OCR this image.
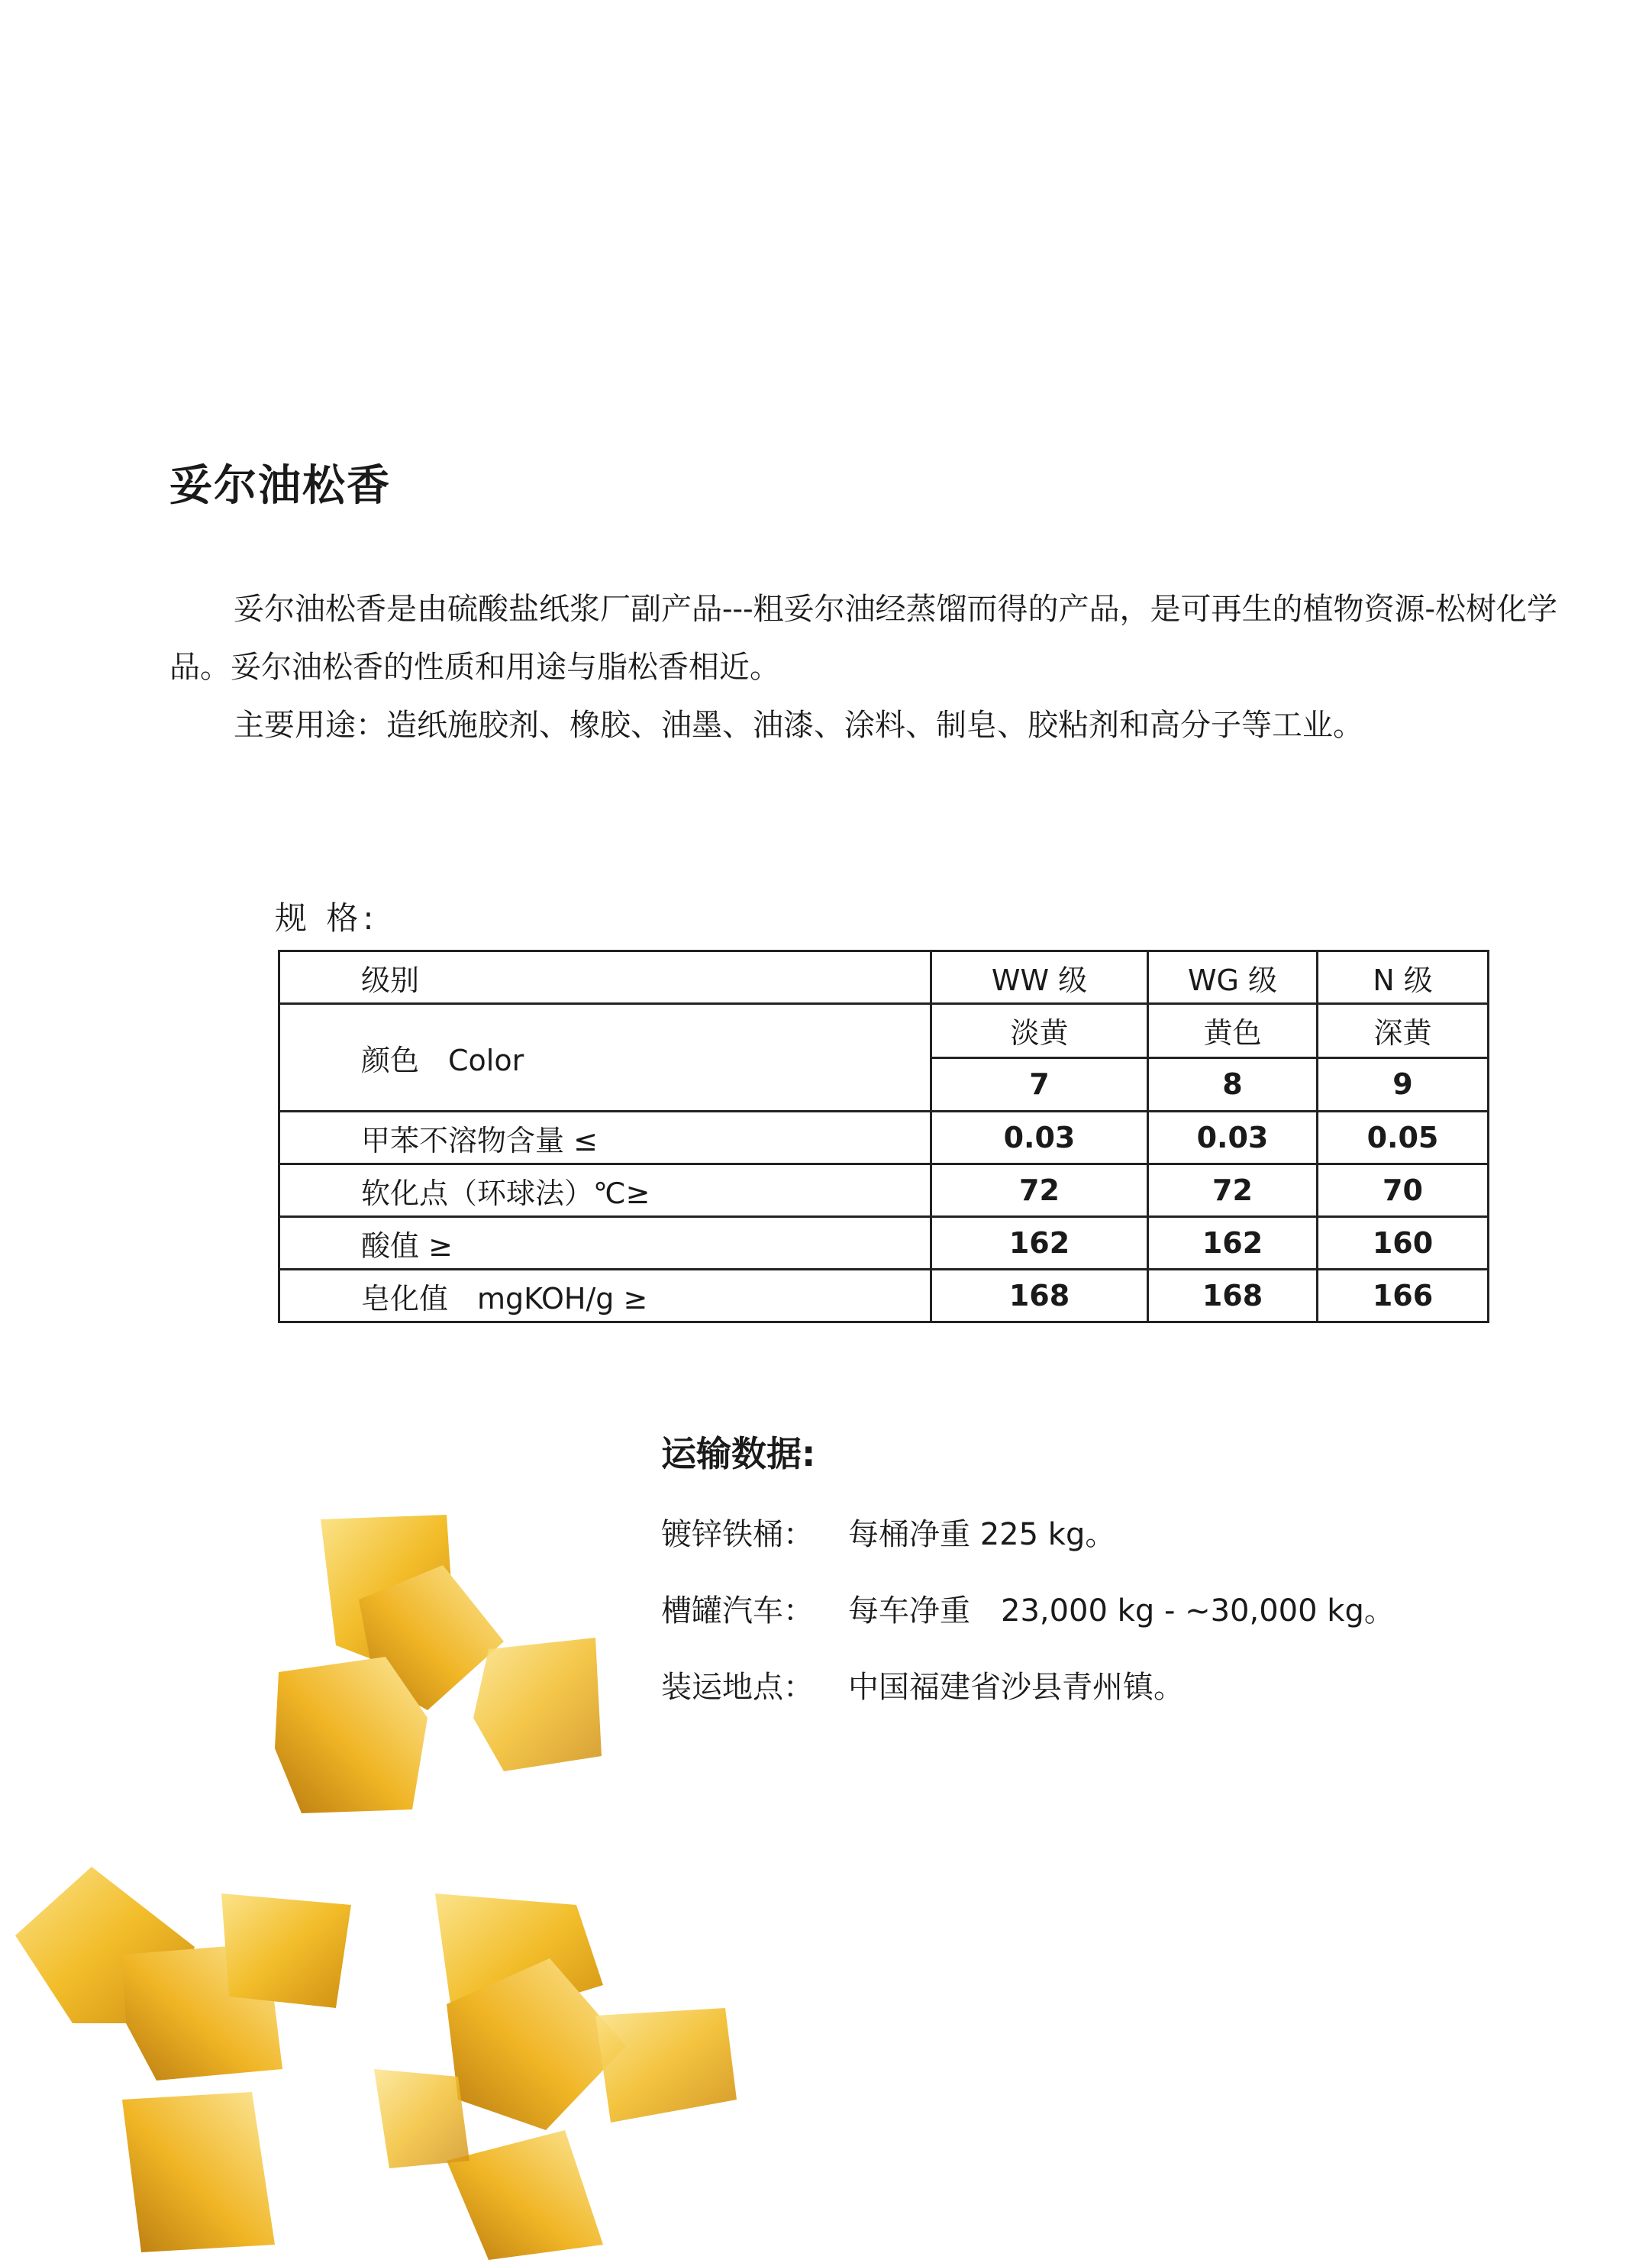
妥尔油松香

妥尔油松香是由硫酸盐纸浆厂副产品---粗妥尔油经蒸馏而得的产品，是可再生的植物资源-松树化学品。妥尔油松香的性质和用途与脂松香相近。

主要用途：造纸施胶剂、橡胶、油墨、油漆、涂料、制皂、胶粘剂和高分子等工业。

规 格:
级别	WW 级	WG 级	N 级
颜色　Color	淡黄	黄色	深黄
	7	8	9
甲苯不溶物含量 ≤	0.03	0.03	0.05
软化点（环球法）℃≥	72	72	70
酸值 ≥	162	162	160
皂化值　mgKOH/g ≥	168	168	166
运输数据:
镀锌铁桶：	每桶净重 225 kg。
槽罐汽车：	每车净重　23,000 kg - ~30,000 kg。
装运地点：	中国福建省沙县青州镇。
